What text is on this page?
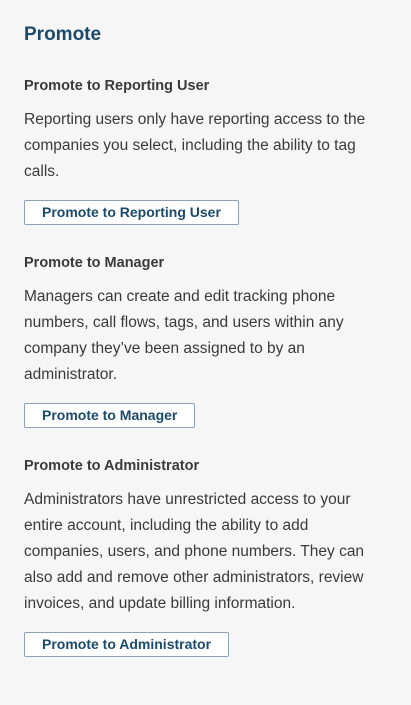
Promote
Promote to Reporting User

Reporting users only have reporting access to the companies you select, including the ability to tag calls.

Promote to Reporting User
Promote to Manager

Managers can create and edit tracking phone numbers, call flows, tags, and users within any company they’ve been assigned to by an administrator.

Promote to Manager
Promote to Administrator

Administrators have unrestricted access to your entire account, including the ability to add companies, users, and phone numbers. They can also add and remove other administrators, review invoices, and update billing information.

Promote to Administrator
